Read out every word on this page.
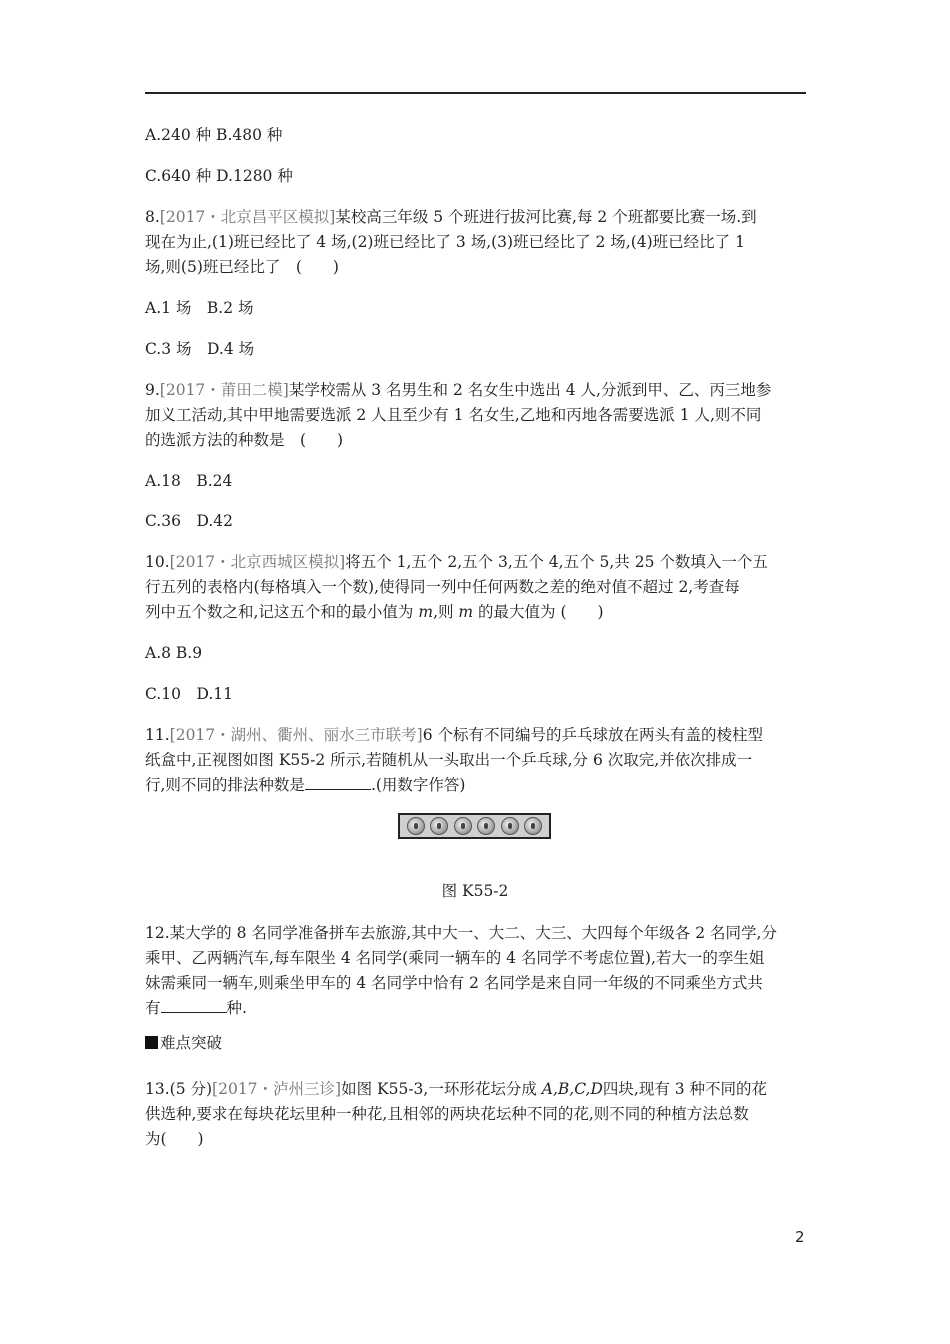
A.240 种 B.480 种
C.640 种 D.1280 种
8.[2017・北京昌平区模拟]某校高三年级 5 个班进行拔河比赛,每 2 个班都要比赛一场.到
现在为止,(1)班已经比了 4 场,(2)班已经比了 3 场,(3)班已经比了 2 场,(4)班已经比了 1
场,则(5)班已经比了　(　　)
A.1 场　B.2 场
C.3 场　D.4 场
9.[2017・莆田二模]某学校需从 3 名男生和 2 名女生中选出 4 人,分派到甲、乙、丙三地参
加义工活动,其中甲地需要选派 2 人且至少有 1 名女生,乙地和丙地各需要选派 1 人,则不同
的选派方法的种数是　(　　)
A.18　B.24
C.36　D.42
10.[2017・北京西城区模拟]将五个 1,五个 2,五个 3,五个 4,五个 5,共 25 个数填入一个五
行五列的表格内(每格填入一个数),使得同一列中任何两数之差的绝对值不超过 2,考查每
列中五个数之和,记这五个和的最小值为 m,则 m 的最大值为 (　　)
A.8 B.9
C.10　D.11
11.[2017・湖州、衢州、丽水三市联考]6 个标有不同编号的乒乓球放在两头有盖的棱柱型
纸盒中,正视图如图 K55-2 所示,若随机从一头取出一个乒乓球,分 6 次取完,并依次排成一
行,则不同的排法种数是	.(用数字作答)
图 K55-2
12.某大学的 8 名同学准备拼车去旅游,其中大一、大二、大三、大四每个年级各 2 名同学,分
乘甲、乙两辆汽车,每车限坐 4 名同学(乘同一辆车的 4 名同学不考虑位置),若大一的孪生姐
妹需乘同一辆车,则乘坐甲车的 4 名同学中恰有 2 名同学是来自同一年级的不同乘坐方式共
有	种.
难点突破
13.(5 分)[2017・泸州三诊]如图 K55-3,一环形花坛分成 A,B,C,D四块,现有 3 种不同的花
供选种,要求在每块花坛里种一种花,且相邻的两块花坛种不同的花,则不同的种植方法总数
为(　　)
2
